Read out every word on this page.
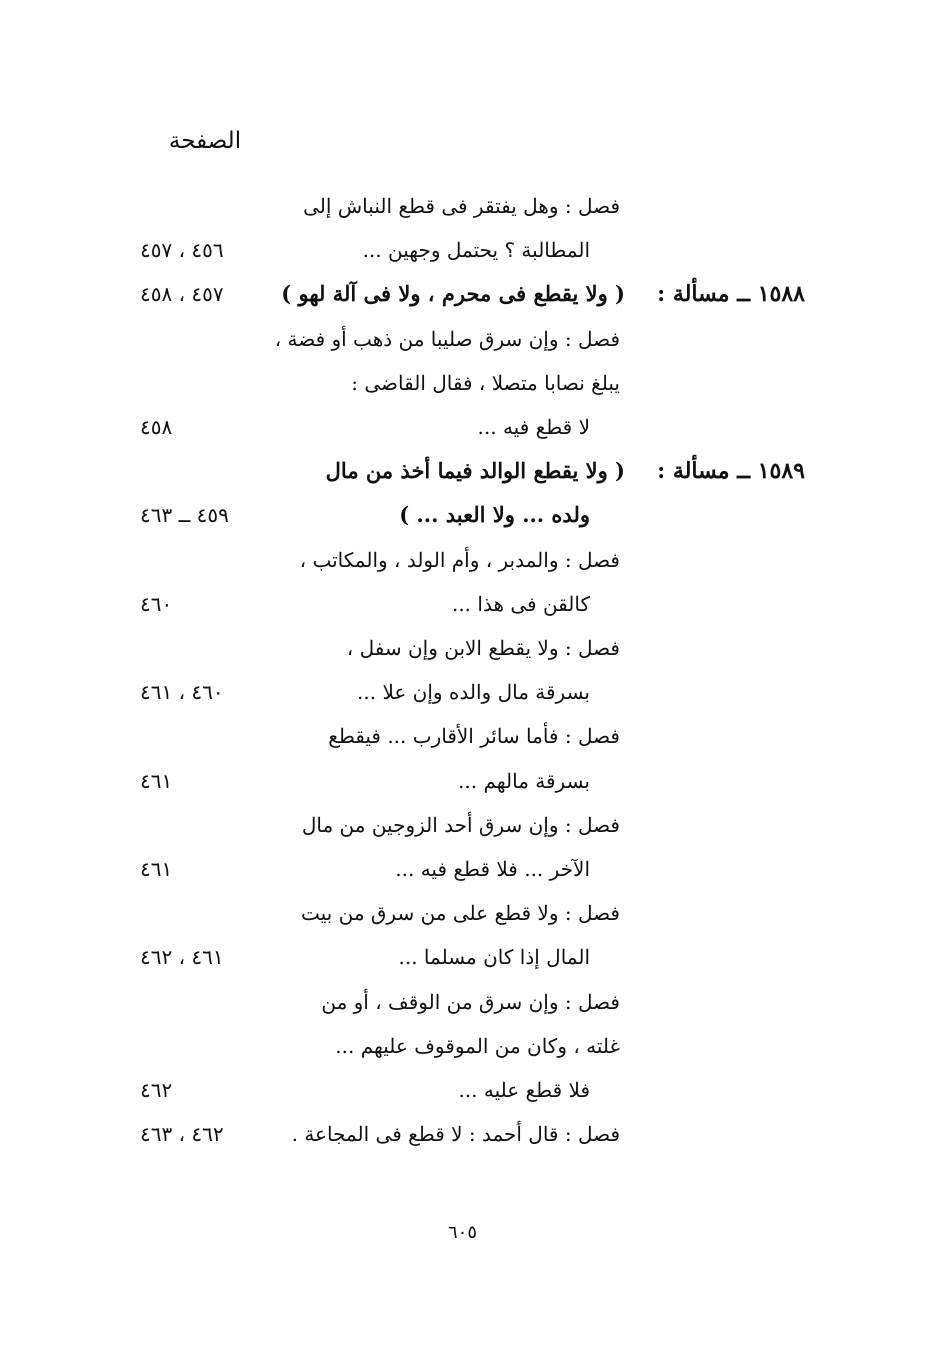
الصفحة
فصل : وهل يفتقر فى قطع النباش إلى
المطالبة ؟ يحتمل وجهين ...
٤٥٦ ، ٤٥٧
١٥٨٨ ــ مسألة :
( ولا يقطع فى محرم ، ولا فى آلة لهو )
٤٥٧ ، ٤٥٨
فصل : وإن سرق صليبا من ذهب أو فضة ،
يبلغ نصابا متصلا ، فقال القاضى :
لا قطع فيه ...
٤٥٨
١٥٨٩ ــ مسألة :
( ولا يقطع الوالد فيما أخذ من مال
ولده ... ولا العبد ... )
٤٥٩ ــ ٤٦٣
فصل : والمدبر ، وأم الولد ، والمكاتب ،
كالقن فى هذا ...
٤٦٠
فصل : ولا يقطع الابن وإن سفل ،
بسرقة مال والده وإن علا ...
٤٦٠ ، ٤٦١
فصل : فأما سائر الأقارب ... فيقطع
بسرقة مالهم ...
٤٦١
فصل : وإن سرق أحد الزوجين من مال
الآخر ... فلا قطع فيه ...
٤٦١
فصل : ولا قطع على من سرق من بيت
المال إذا كان مسلما ...
٤٦١ ، ٤٦٢
فصل : وإن سرق من الوقف ، أو من
غلته ، وكان من الموقوف عليهم ...
فلا قطع عليه ...
٤٦٢
فصل : قال أحمد : لا قطع فى المجاعة .
٤٦٢ ، ٤٦٣
٦٠٥
